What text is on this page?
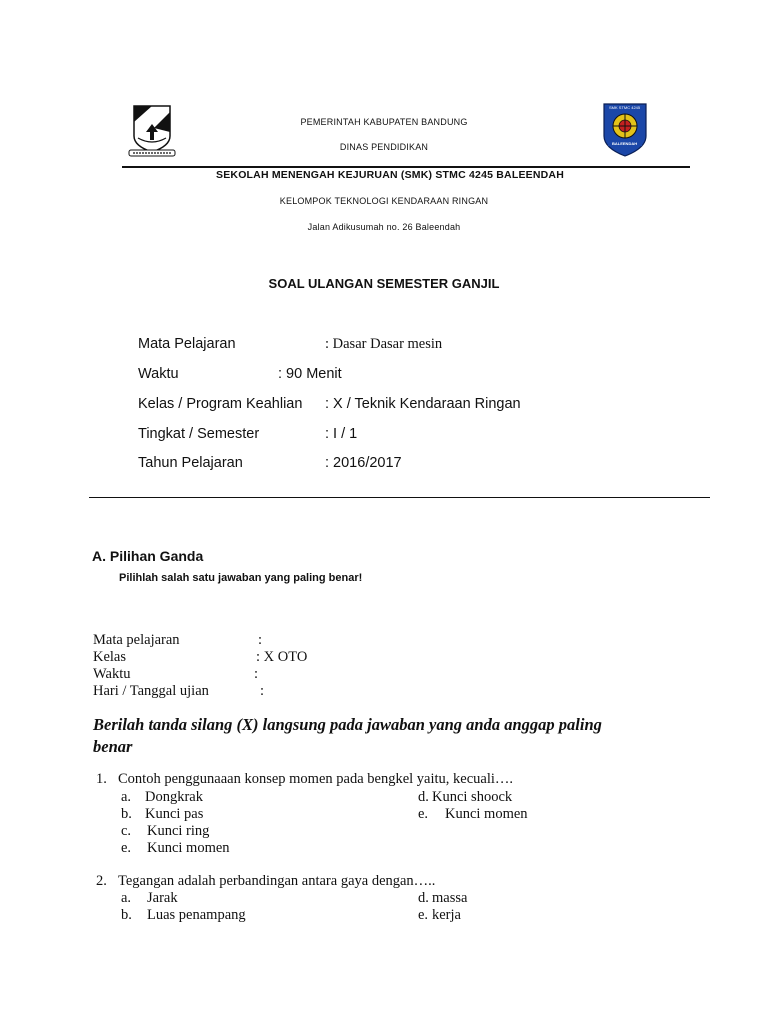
SMK STMC 4245
BALEENDAH
PEMERINTAH KABUPATEN BANDUNG
DINAS PENDIDIKAN
SEKOLAH MENENGAH KEJURUAN (SMK) STMC 4245 BALEENDAH
KELOMPOK TEKNOLOGI KENDARAAN RINGAN
Jalan Adikusumah no. 26 Baleendah
SOAL ULANGAN SEMESTER GANJIL
Mata Pelajaran	: Dasar Dasar mesin
Waktu	: 90 Menit
Kelas / Program Keahlian : X / Teknik Kendaraan Ringan
Tingkat / Semester	: I / 1
Tahun Pelajaran	: 2016/2017
A. Pilihan Ganda
Pilihlah salah satu jawaban yang paling benar!
Mata pelajaran	:
Kelas	: X OTO
Waktu	:
Hari / Tanggal ujian	:
Berilah tanda silang (X) langsung pada jawaban yang anda anggap paling
benar
1. Contoh penggunaaan konsep momen pada bengkel yaitu, kecuali….
a. Dongkrak	d. Kunci shoock
b. Kunci pas	e. Kunci momen
c. Kunci ring
e. Kunci momen
2. Tegangan adalah perbandingan antara gaya dengan…..
a. Jarak	d. massa
b. Luas penampang	e. kerja
